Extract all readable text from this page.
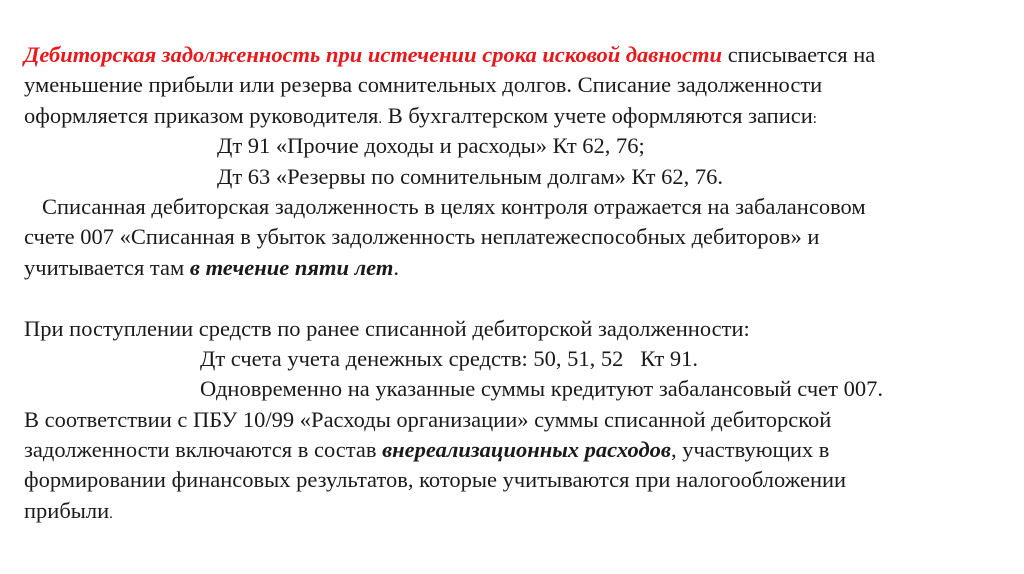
Дебиторская задолженность при истечении срока исковой давности списывается на
уменьшение прибыли или резерва сомнительных долгов. Списание задолженности
оформляется приказом руководителя. В бухгалтерском учете оформляются записи:
Дт 91 «Прочие доходы и расходы» Кт 62, 76;
Дт 63 «Резервы по сомнительным долгам» Кт 62, 76.
Списанная дебиторская задолженность в целях контроля отражается на забалансовом
счете 007 «Списанная в убыток задолженность неплатежеспособных дебиторов» и
учитывается там в течение пяти лет.
При поступлении средств по ранее списанной дебиторской задолженности:
Дт счета учета денежных средств: 50, 51, 52   Кт 91.
Одновременно на указанные суммы кредитуют забалансовый счет 007.
В соответствии с ПБУ 10/99 «Расходы организации» суммы списанной дебиторской
задолженности включаются в состав внереализационных расходов, участвующих в
формировании финансовых результатов, которые учитываются при налогообложении
прибыли.
